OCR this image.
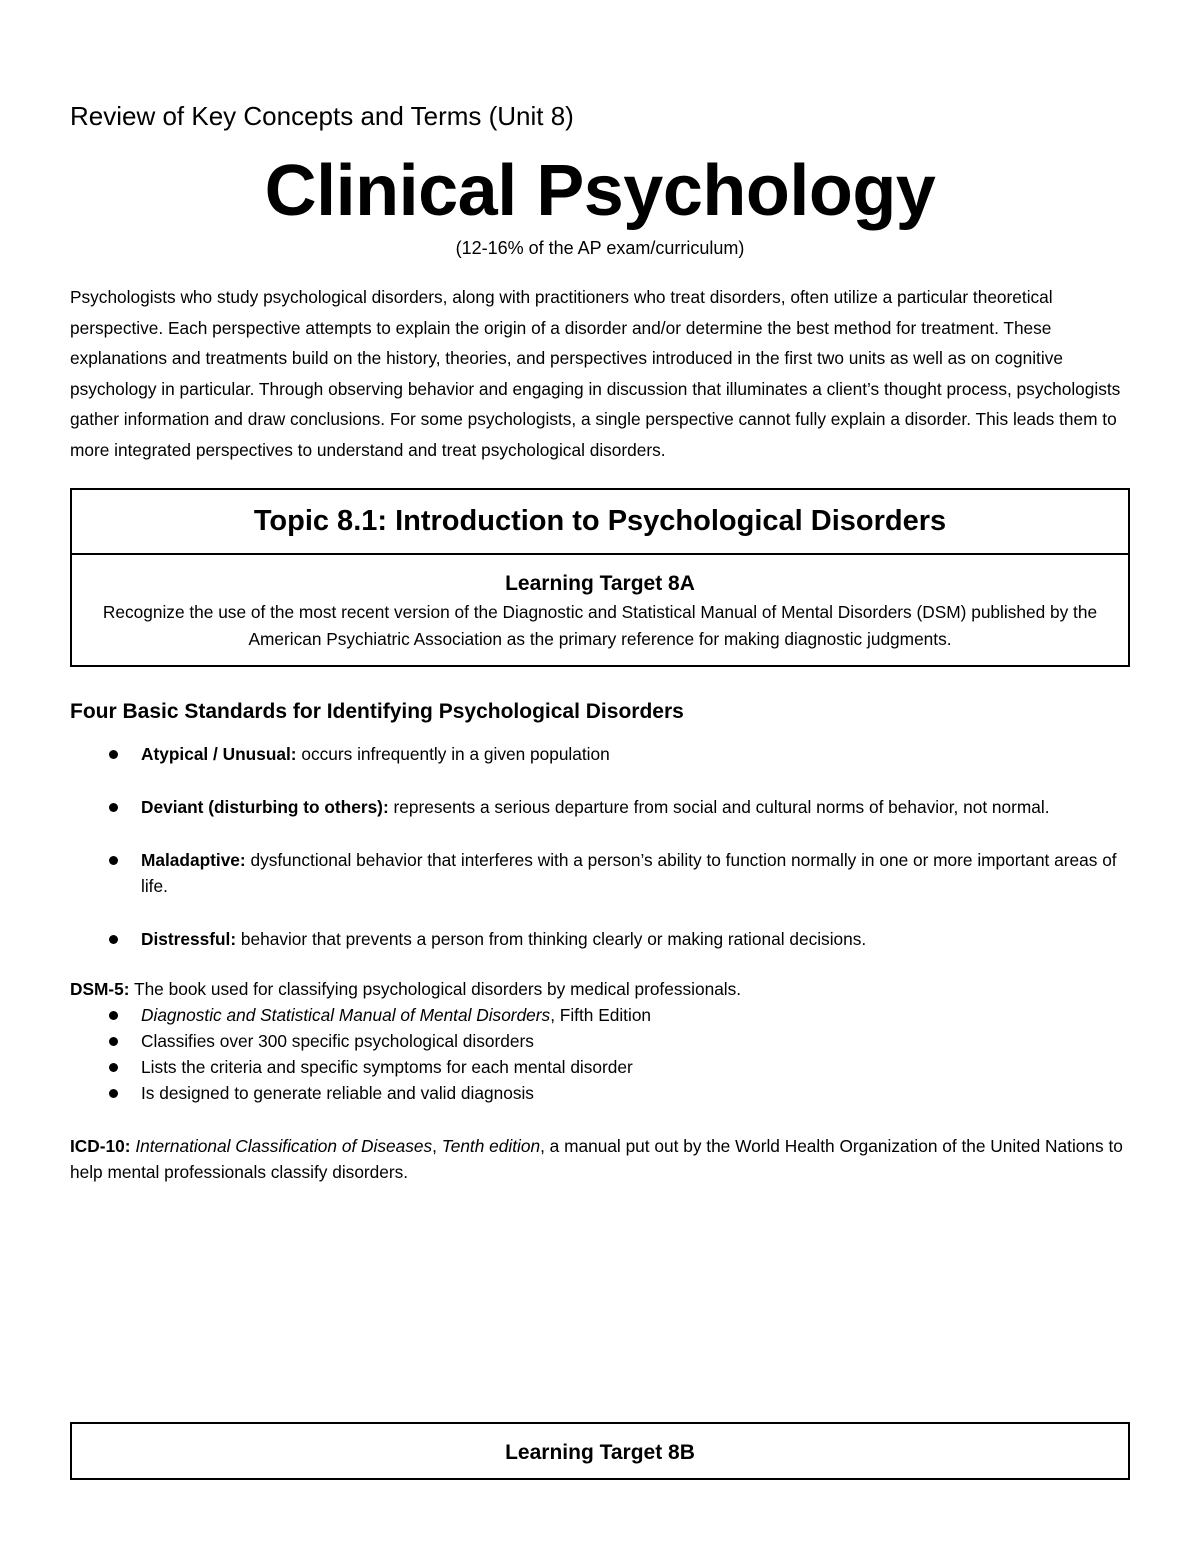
Review of Key Concepts and Terms (Unit 8)
Clinical Psychology

(12-16% of the AP exam/curriculum)

Psychologists who study psychological disorders, along with practitioners who treat disorders, often utilize a particular theoretical perspective. Each perspective attempts to explain the origin of a disorder and/or determine the best method for treatment. These explanations and treatments build on the history, theories, and perspectives introduced in the first two units as well as on cognitive psychology in particular. Through observing behavior and engaging in discussion that illuminates a client’s thought process, psychologists gather information and draw conclusions. For some psychologists, a single perspective cannot fully explain a disorder. This leads them to more integrated perspectives to understand and treat psychological disorders.

Topic 8.1: Introduction to Psychological Disorders
Learning Target 8A
Recognize the use of the most recent version of the Diagnostic and Statistical Manual of Mental Disorders (DSM) published by the American Psychiatric Association as the primary reference for making diagnostic judgments.
Four Basic Standards for Identifying Psychological Disorders
Atypical / Unusual: occurs infrequently in a given population
Deviant (disturbing to others): represents a serious departure from social and cultural norms of behavior, not normal.
Maladaptive: dysfunctional behavior that interferes with a person’s ability to function normally in one or more important areas of life.
Distressful: behavior that prevents a person from thinking clearly or making rational decisions.

DSM-5: The book used for classifying psychological disorders by medical professionals.

Diagnostic and Statistical Manual of Mental Disorders, Fifth Edition
Classifies over 300 specific psychological disorders
Lists the criteria and specific symptoms for each mental disorder
Is designed to generate reliable and valid diagnosis

ICD-10: International Classification of Diseases, Tenth edition, a manual put out by the World Health Organization of the United Nations to help mental professionals classify disorders.

Learning Target 8B
